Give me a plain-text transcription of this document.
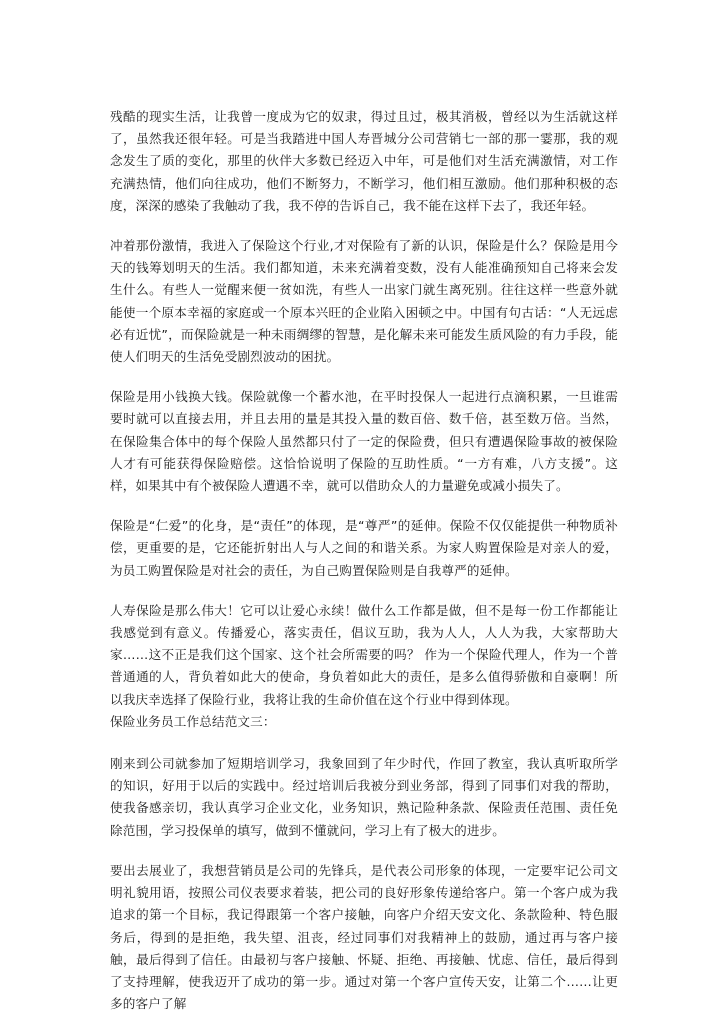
残酷的现实生活，让我曾一度成为它的奴隶，得过且过，极其消极，曾经以为生活就这样了，虽然我还很年轻。可是当我踏进中国人寿晋城分公司营销七一部的那一霎那，我的观念发生了质的变化，那里的伙伴大多数已经迈入中年，可是他们对生活充满激情，对工作充满热情，他们向往成功，他们不断努力，不断学习，他们相互激励。他们那种积极的态度，深深的感染了我触动了我，我不停的告诉自己，我不能在这样下去了，我还年轻。

冲着那份激情，我进入了保险这个行业,才对保险有了新的认识，保险是什么？保险是用今天的钱筹划明天的生活。我们都知道，未来充满着变数，没有人能准确预知自己将来会发生什么。有些人一觉醒来便一贫如洗，有些人一出家门就生离死别。往往这样一些意外就能使一个原本幸福的家庭或一个原本兴旺的企业陷入困顿之中。中国有句古话：“人无远虑必有近忧”，而保险就是一种未雨绸缪的智慧，是化解未来可能发生质风险的有力手段，能使人们明天的生活免受剧烈波动的困扰。

保险是用小钱换大钱。保险就像一个蓄水池，在平时投保人一起进行点滴积累，一旦谁需要时就可以直接去用，并且去用的量是其投入量的数百倍、数千倍，甚至数万倍。当然，在保险集合体中的每个保险人虽然都只付了一定的保险费，但只有遭遇保险事故的被保险人才有可能获得保险赔偿。这恰恰说明了保险的互助性质。“一方有难，八方支援”。这样，如果其中有个被保险人遭遇不幸，就可以借助众人的力量避免或减小损失了。

保险是“仁爱”的化身，是“责任”的体现，是“尊严”的延伸。保险不仅仅能提供一种物质补偿，更重要的是，它还能折射出人与人之间的和谐关系。为家人购置保险是对亲人的爱，为员工购置保险是对社会的责任，为自己购置保险则是自我尊严的延伸。

人寿保险是那么伟大！它可以让爱心永续！做什么工作都是做，但不是每一份工作都能让我感觉到有意义。传播爱心，落实责任，倡议互助，我为人人，人人为我，大家帮助大家……这不正是我们这个国家、这个社会所需要的吗？ 作为一个保险代理人，作为一个普普通通的人，背负着如此大的使命，身负着如此大的责任，是多么值得骄傲和自豪啊！所以我庆幸选择了保险行业，我将让我的生命价值在这个行业中得到体现。

保险业务员工作总结范文三：

刚来到公司就参加了短期培训学习，我象回到了年少时代，作回了教室，我认真听取所学的知识，好用于以后的实践中。经过培训后我被分到业务部，得到了同事们对我的帮助，使我备感亲切，我认真学习企业文化，业务知识，熟记险种条款、保险责任范围、责任免除范围，学习投保单的填写，做到不懂就问，学习上有了极大的进步。

要出去展业了，我想营销员是公司的先锋兵，是代表公司形象的体现，一定要牢记公司文明礼貌用语，按照公司仪表要求着装，把公司的良好形象传递给客户。第一个客户成为我追求的第一个目标，我记得跟第一个客户接触，向客户介绍天安文化、条款险种、特色服务后，得到的是拒绝，我失望、沮丧，经过同事们对我精神上的鼓励，通过再与客户接触，最后得到了信任。由最初与客户接触、怀疑、拒绝、再接触、忧虑、信任，最后得到了支持理解，使我迈开了成功的第一步。通过对第一个客户宣传天安，让第二个……让更多的客户了解
